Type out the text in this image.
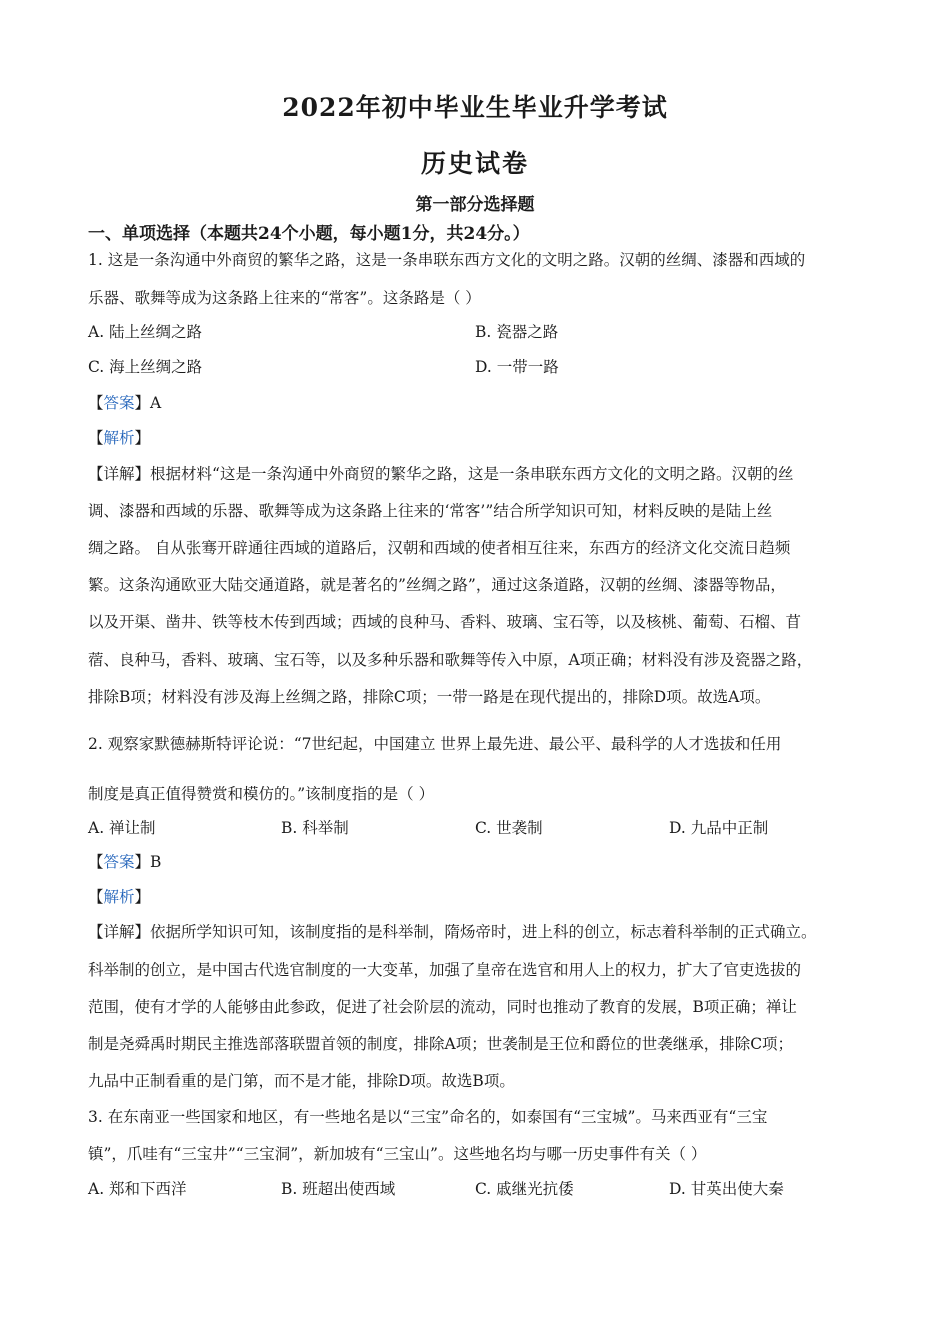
2022年初中毕业生毕业升学考试
历史试卷
第一部分选择题
一、单项选择（本题共24个小题，每小题1分，共24分。）
1. 这是一条沟通中外商贸的繁华之路，这是一条串联东西方文化的文明之路。汉朝的丝绸、漆器和西域的
乐器、歌舞等成为这条路上往来的“常客”。这条路是（ ）
A. 陆上丝绸之路	B. 瓷器之路
C. 海上丝绸之路	D. 一带一路
【答案】A
【解析】
【详解】根据材料“这是一条沟通中外商贸的繁华之路，这是一条串联东西方文化的文明之路。汉朝的丝
调、漆器和西域的乐器、歌舞等成为这条路上往来的‘常客’”结合所学知识可知，材料反映的是陆上丝
绸之路。 自从张骞开辟通往西域的道路后，汉朝和西域的使者相互往来，东西方的经济文化交流日趋频
繁。这条沟通欧亚大陆交通道路，就是著名的”丝绸之路”，通过这条道路，汉朝的丝绸、漆器等物品，
以及开渠、凿井、铁等枝木传到西域；西域的良种马、香料、玻璃、宝石等，以及核桃、葡萄、石榴、苜
蓿、良种马，香料、玻璃、宝石等，以及多种乐器和歌舞等传入中原，A项正确；材料没有涉及瓷器之路，
排除B项；材料没有涉及海上丝绸之路，排除C项；一带一路是在现代提出的，排除D项。故选A项。
2. 观察家默德赫斯特评论说：“7世纪起，中国建立 世界上最先进、最公平、最科学的人才选拔和任用
制度是真正值得赞赏和模仿的。”该制度指的是（ ）
A. 禅让制	B. 科举制	C. 世袭制	D. 九品中正制
【答案】B
【解析】
【详解】依据所学知识可知，该制度指的是科举制，隋炀帝时，进上科的创立，标志着科举制的正式确立。
科举制的创立，是中国古代选官制度的一大变革，加强了皇帝在选官和用人上的权力，扩大了官吏选拔的
范围，使有才学的人能够由此参政，促进了社会阶层的流动，同时也推动了教育的发展，B项正确；禅让
制是尧舜禹时期民主推选部落联盟首领的制度，排除A项；世袭制是王位和爵位的世袭继承，排除C项；
九品中正制看重的是门第，而不是才能，排除D项。故选B项。
3. 在东南亚一些国家和地区，有一些地名是以“三宝”命名的，如泰国有“三宝城”。马来西亚有“三宝
镇”，爪哇有“三宝井”“三宝洞”，新加坡有“三宝山”。这些地名均与哪一历史事件有关（ ）
A. 郑和下西洋	B. 班超出使西域	C. 戚继光抗倭	D. 甘英出使大秦
